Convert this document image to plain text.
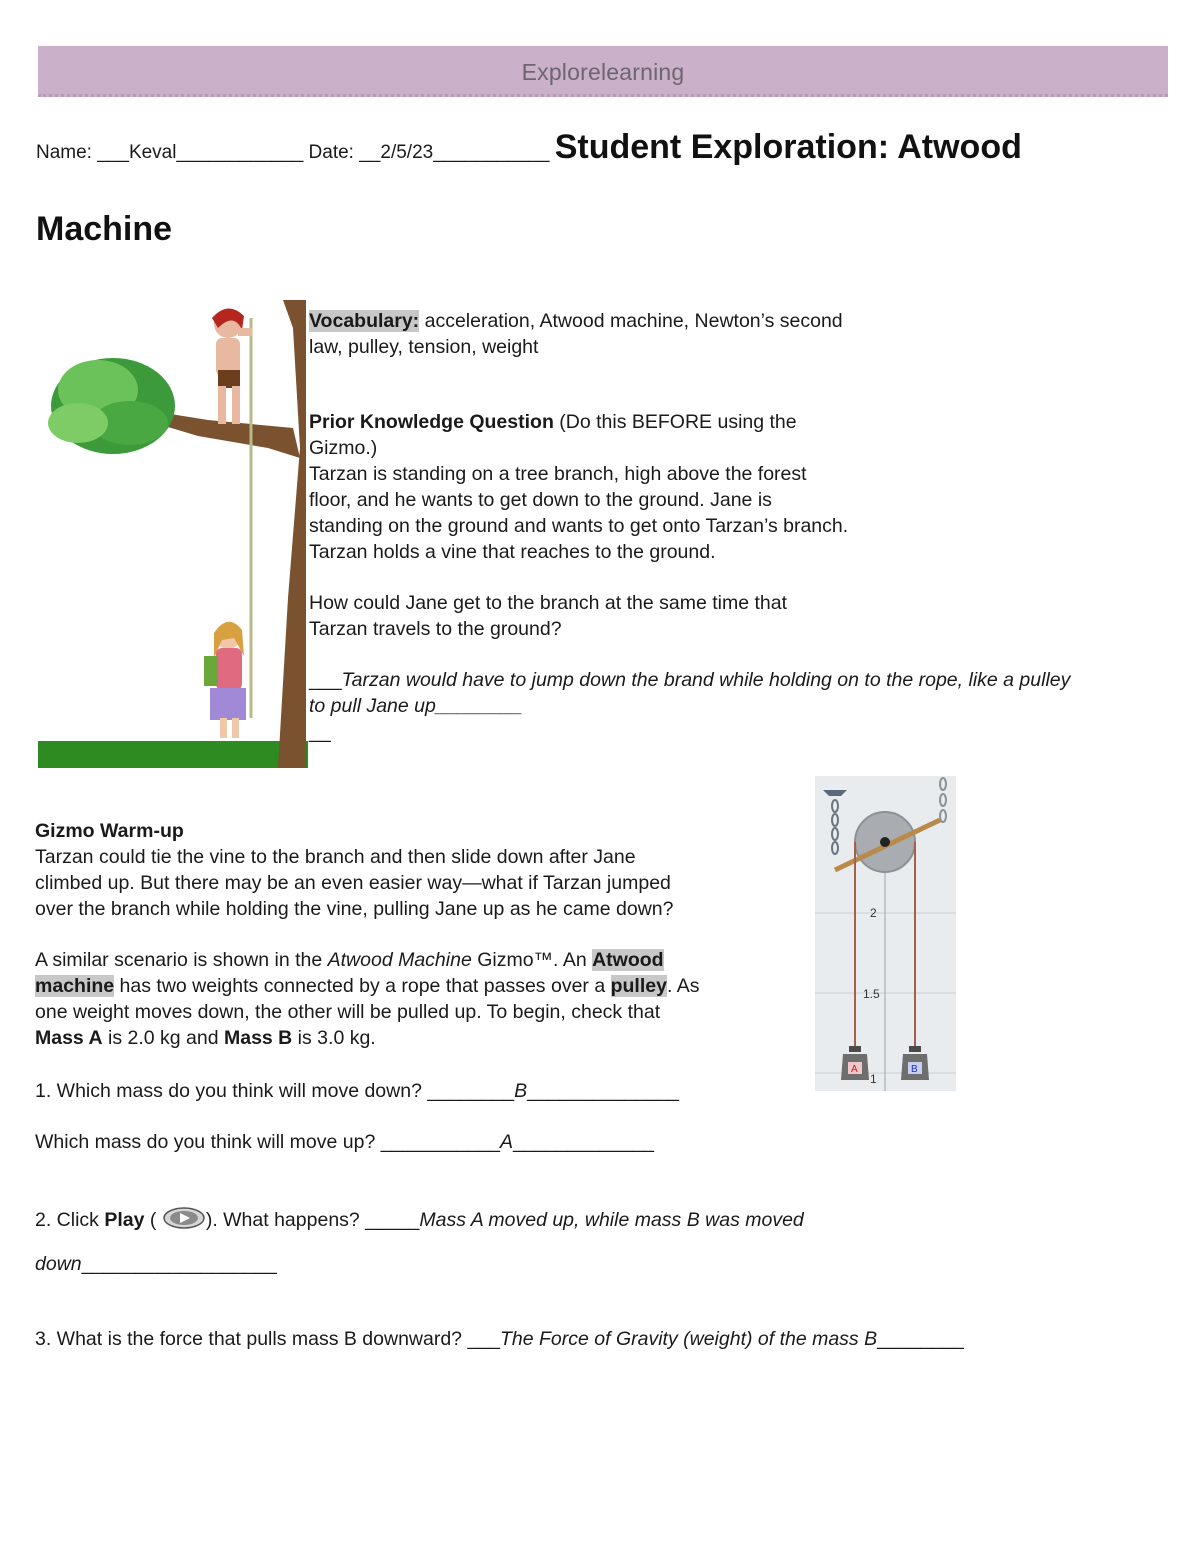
Explorelearning
Name: ___Keval____________ Date: __2/5/23___________ Student Exploration: Atwood
Machine
Vocabulary: acceleration, Atwood machine, Newton’s second
law, pulley, tension, weight
Prior Knowledge Question (Do this BEFORE using the
Gizmo.)
Tarzan is standing on a tree branch, high above the forest
floor, and he wants to get down to the ground. Jane is
standing on the ground and wants to get onto Tarzan’s branch.
Tarzan holds a vine that reaches to the ground.
How could Jane get to the branch at the same time that
Tarzan travels to the ground?
___Tarzan would have to jump down the brand while holding on to the rope, like a pulley
to pull Jane up________
__
Gizmo Warm-up
Tarzan could tie the vine to the branch and then slide down after Jane
climbed up. But there may be an even easier way—what if Tarzan jumped
over the branch while holding the vine, pulling Jane up as he came down?
A similar scenario is shown in the Atwood Machine Gizmo™. An Atwood
machine has two weights connected by a rope that passes over a pulley. As
one weight moves down, the other will be pulled up. To begin, check that
Mass A is 2.0 kg and Mass B is 3.0 kg.
2
1.5
1
A	B
1. Which mass do you think will move down? ________B______________
Which mass do you think will move up? ___________A_____________
2. Click Play (	). What happens? _____Mass A moved up, while mass B was moved
down__________________
3. What is the force that pulls mass B downward? ___The Force of Gravity (weight) of the mass B________
